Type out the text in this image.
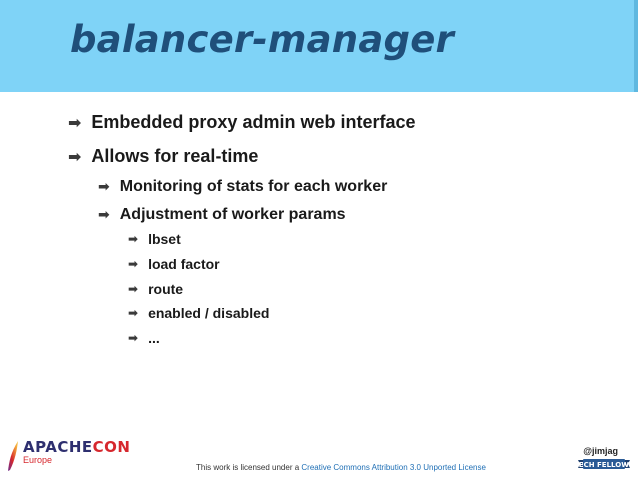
balancer-manager
➡ Embedded proxy admin web interface
➡ Allows for real-time
➡ Monitoring of stats for each worker
➡ Adjustment of worker params
➡ lbset
➡ load factor
➡ route
➡ enabled / disabled
➡ ...
APACHECON
Europe
This work is licensed under a Creative Commons Attribution 3.0 Unported License
@jimjag
TECH FELLOWS
